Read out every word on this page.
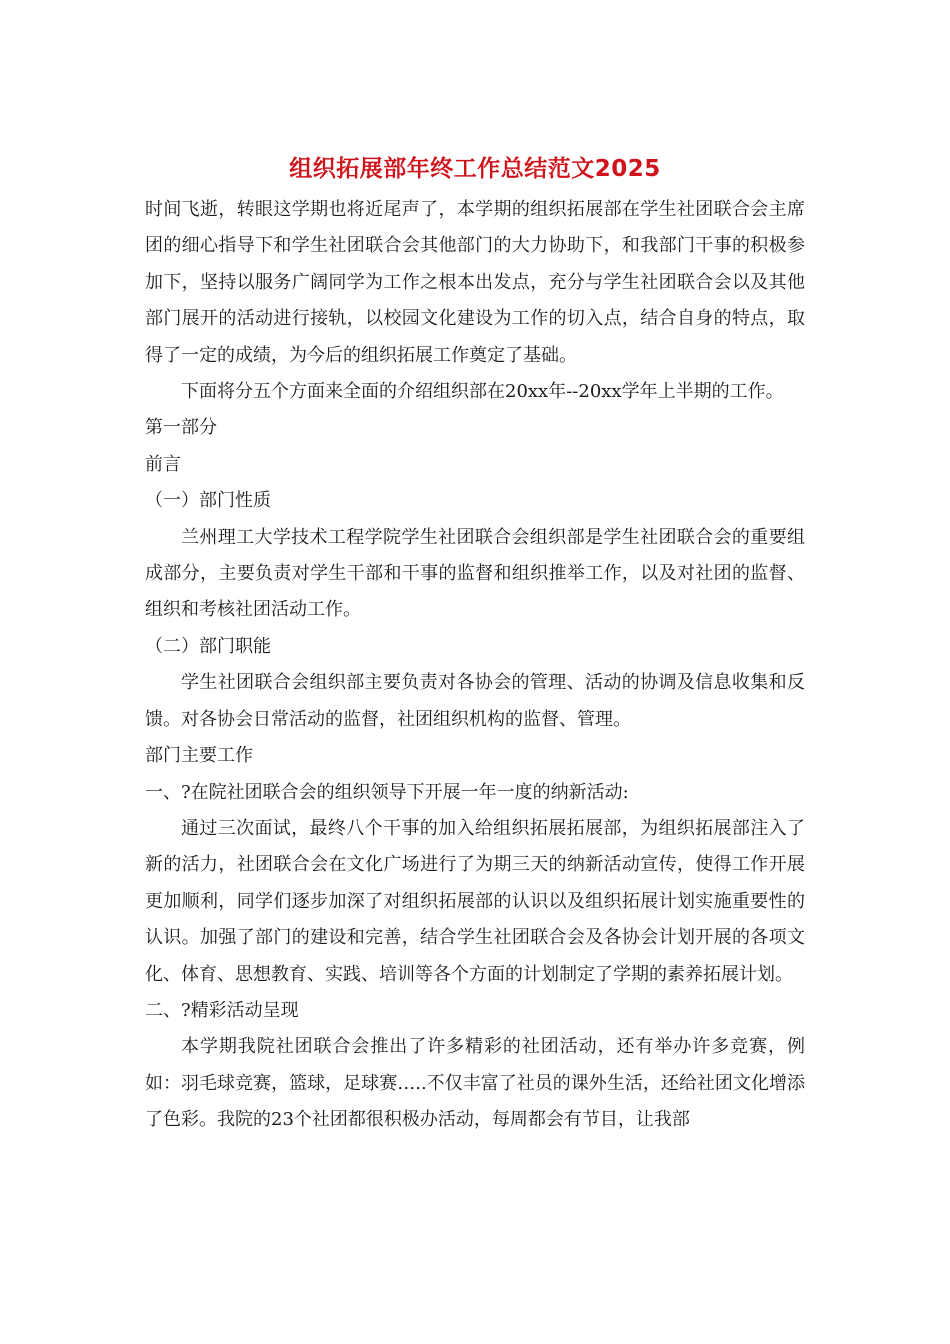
组织拓展部年终工作总结范文2025

时间飞逝，转眼这学期也将近尾声了，本学期的组织拓展部在学生社团联合会主席团的细心指导下和学生社团联合会其他部门的大力协助下，和我部门干事的积极参加下，坚持以服务广阔同学为工作之根本出发点，充分与学生社团联合会以及其他部门展开的活动进行接轨，以校园文化建设为工作的切入点，结合自身的特点，取得了一定的成绩，为今后的组织拓展工作奠定了基础。

下面将分五个方面来全面的介绍组织部在20xx年--20xx学年上半期的工作。

第一部分

前言

（一）部门性质

兰州理工大学技术工程学院学生社团联合会组织部是学生社团联合会的重要组成部分，主要负责对学生干部和干事的监督和组织推举工作，以及对社团的监督、组织和考核社团活动工作。

（二）部门职能

学生社团联合会组织部主要负责对各协会的管理、活动的协调及信息收集和反馈。对各协会日常活动的监督，社团组织机构的监督、管理。

部门主要工作

一、?在院社团联合会的组织领导下开展一年一度的纳新活动:

通过三次面试，最终八个干事的加入给组织拓展拓展部，为组织拓展部注入了新的活力，社团联合会在文化广场进行了为期三天的纳新活动宣传，使得工作开展更加顺利，同学们逐步加深了对组织拓展部的认识以及组织拓展计划实施重要性的认识。加强了部门的建设和完善，结合学生社团联合会及各协会计划开展的各项文化、体育、思想教育、实践、培训等各个方面的计划制定了学期的素养拓展计划。

二、?精彩活动呈现

本学期我院社团联合会推出了许多精彩的社团活动，还有举办许多竞赛，例如：羽毛球竞赛，篮球，足球赛…..不仅丰富了社员的课外生活，还给社团文化增添了色彩。我院的23个社团都很积极办活动，每周都会有节目，让我部
